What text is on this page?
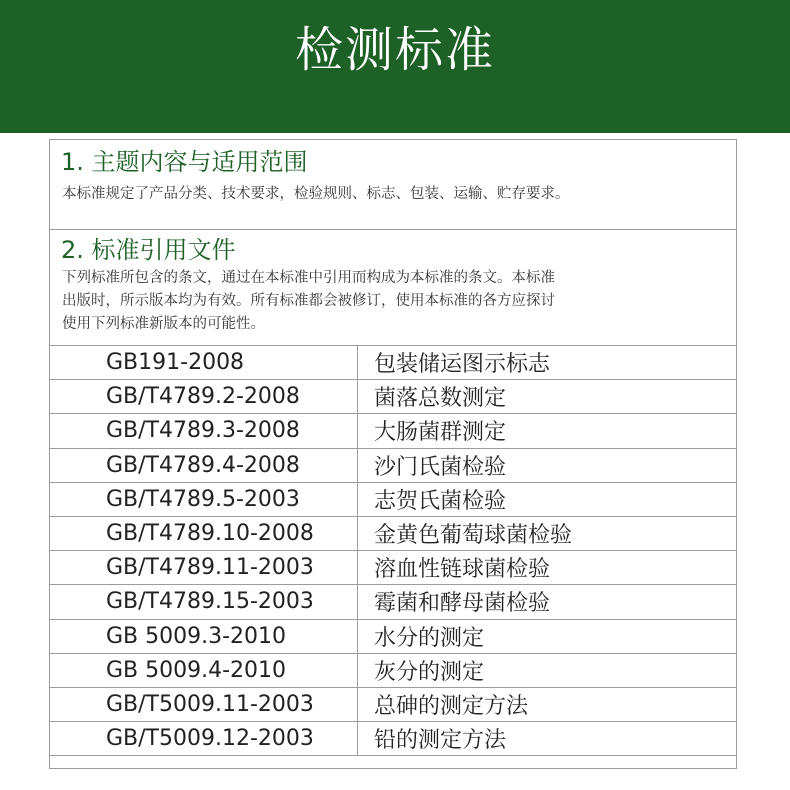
检测标准
1. 主题内容与适用范围
本标准规定了产品分类、技术要求，检验规则、标志、包装、运输、贮存要求。
2. 标准引用文件
下列标准所包含的条文，通过在本标准中引用而构成为本标准的条文。本标准
出版时，所示版本均为有效。所有标准都会被修订，使用本标准的各方应探讨
使用下列标准新版本的可能性。
GB191-2008	包装储运图示标志
GB/T4789.2-2008	菌落总数测定
GB/T4789.3-2008	大肠菌群测定
GB/T4789.4-2008	沙门氏菌检验
GB/T4789.5-2003	志贺氏菌检验
GB/T4789.10-2008	金黄色葡萄球菌检验
GB/T4789.11-2003	溶血性链球菌检验
GB/T4789.15-2003	霉菌和酵母菌检验
GB 5009.3-2010	水分的测定
GB 5009.4-2010	灰分的测定
GB/T5009.11-2003	总砷的测定方法
GB/T5009.12-2003	铅的测定方法
